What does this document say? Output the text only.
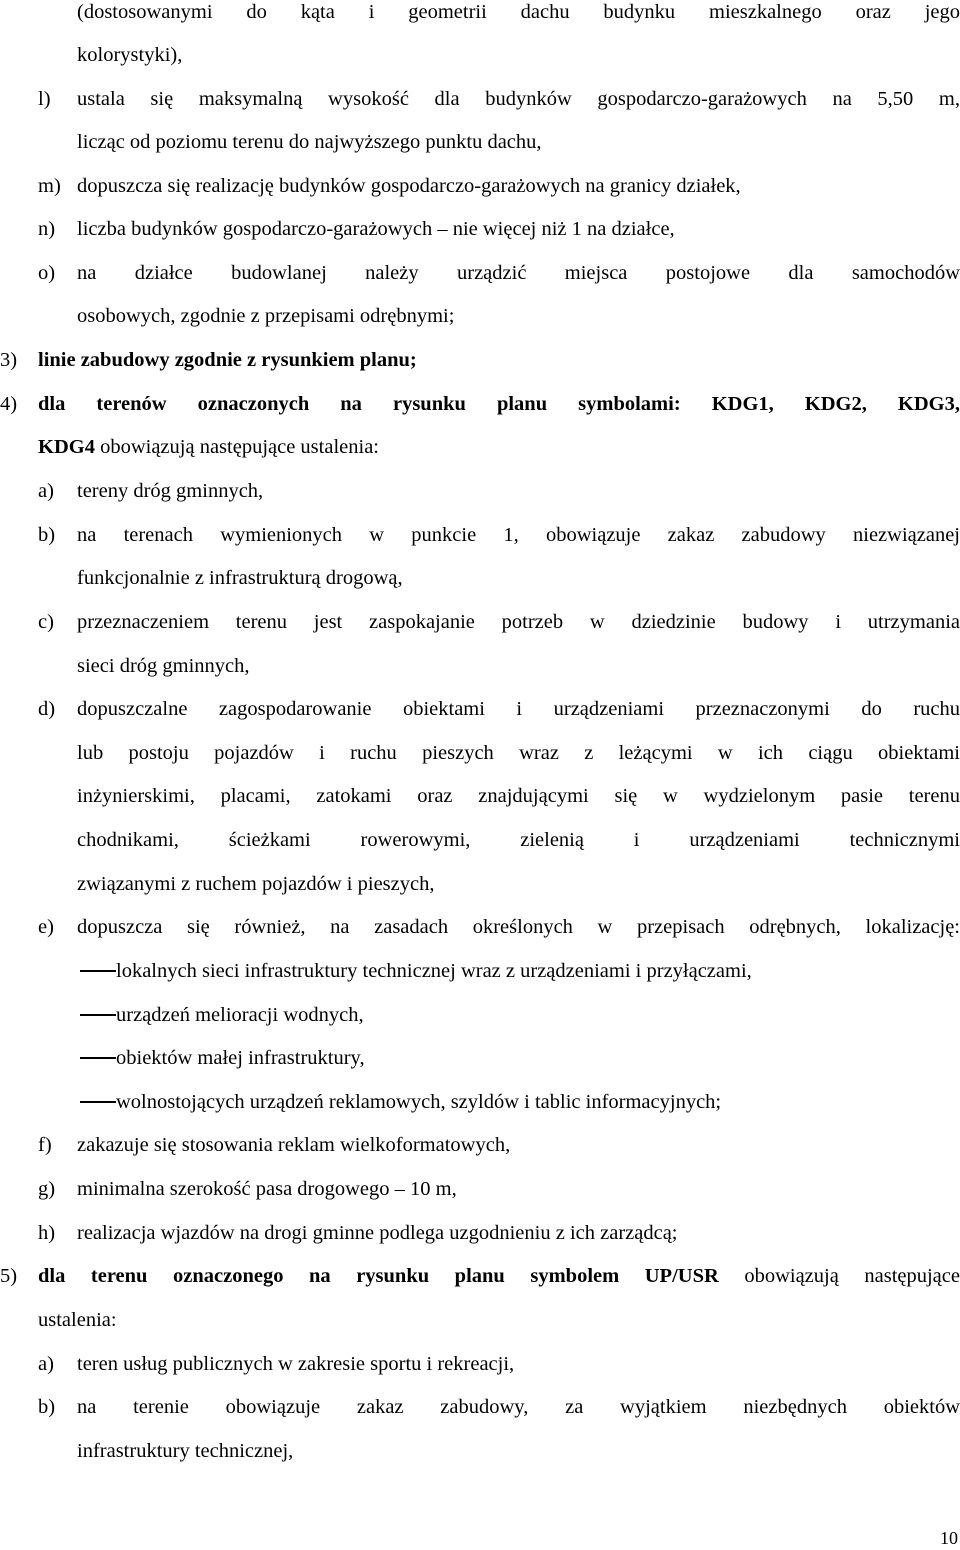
(dostosowanymi do kąta i geometrii dachu budynku mieszkalnego oraz jego
kolorystyki),
l) ustala się maksymalną wysokość dla budynków gospodarczo-garażowych na 5,50 m,
licząc od poziomu terenu do najwyższego punktu dachu,
m) dopuszcza się realizację budynków gospodarczo-garażowych na granicy działek,
n) liczba budynków gospodarczo-garażowych – nie więcej niż 1 na działce,
o) na działce budowlanej należy urządzić miejsca postojowe dla samochodów
osobowych, zgodnie z przepisami odrębnymi;
3) linie zabudowy zgodnie z rysunkiem planu;
4) dla terenów oznaczonych na rysunku planu symbolami: KDG1, KDG2, KDG3,
KDG4 obowiązują następujące ustalenia:
a) tereny dróg gminnych,
b) na terenach wymienionych w punkcie 1, obowiązuje zakaz zabudowy niezwiązanej
funkcjonalnie z infrastrukturą drogową,
c) przeznaczeniem terenu jest zaspokajanie potrzeb w dziedzinie budowy i utrzymania
sieci dróg gminnych,
d) dopuszczalne zagospodarowanie obiektami i urządzeniami przeznaczonymi do ruchu
lub postoju pojazdów i ruchu pieszych wraz z leżącymi w ich ciągu obiektami
inżynierskimi, placami, zatokami oraz znajdującymi się w wydzielonym pasie terenu
chodnikami, ścieżkami rowerowymi, zielenią i urządzeniami technicznymi
związanymi z ruchem pojazdów i pieszych,
e) dopuszcza się również, na zasadach określonych w przepisach odrębnych, lokalizację:
lokalnych sieci infrastruktury technicznej wraz z urządzeniami i przyłączami,
urządzeń melioracji wodnych,
obiektów małej infrastruktury,
wolnostojących urządzeń reklamowych, szyldów i tablic informacyjnych;
f) zakazuje się stosowania reklam wielkoformatowych,
g) minimalna szerokość pasa drogowego – 10 m,
h) realizacja wjazdów na drogi gminne podlega uzgodnieniu z ich zarządcą;
5) dla terenu oznaczonego na rysunku planu symbolem UP/USR obowiązują następujące
ustalenia:
a) teren usług publicznych w zakresie sportu i rekreacji,
b) na terenie obowiązuje zakaz zabudowy, za wyjątkiem niezbędnych obiektów
infrastruktury technicznej,
10
